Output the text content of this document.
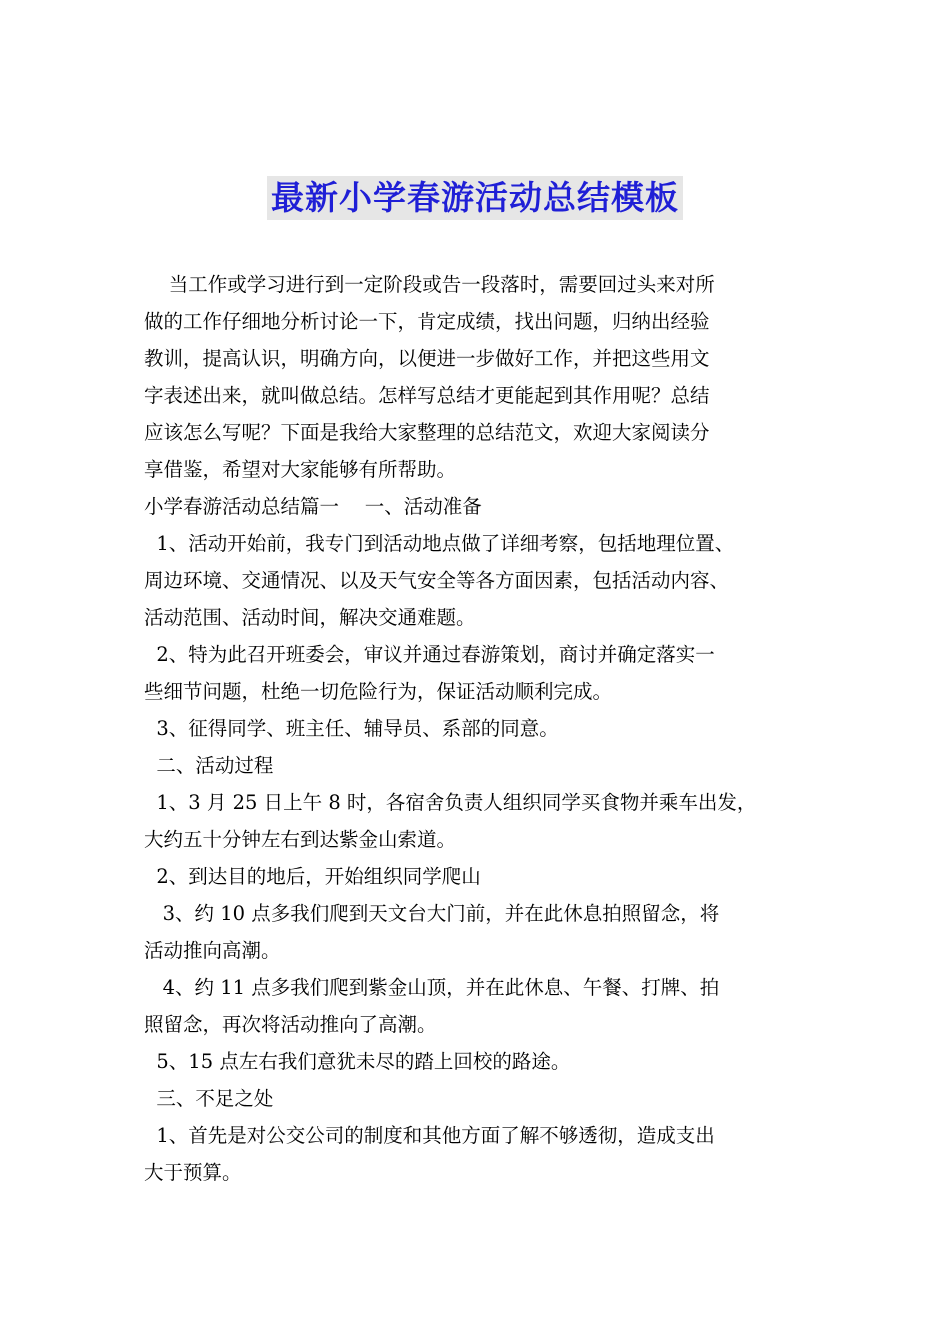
最新小学春游活动总结模板
当工作或学习进行到一定阶段或告一段落时，需要回过头来对所
做的工作仔细地分析讨论一下，肯定成绩，找出问题，归纳出经验
教训，提高认识，明确方向，以便进一步做好工作，并把这些用文
字表述出来，就叫做总结。怎样写总结才更能起到其作用呢？总结
应该怎么写呢？下面是我给大家整理的总结范文，欢迎大家阅读分
享借鉴，希望对大家能够有所帮助。
小学春游活动总结篇一　 一、活动准备
1、活动开始前，我专门到活动地点做了详细考察，包括地理位置、
周边环境、交通情况、以及天气安全等各方面因素，包括活动内容、
活动范围、活动时间，解决交通难题。
2、特为此召开班委会，审议并通过春游策划，商讨并确定落实一
些细节问题，杜绝一切危险行为，保证活动顺利完成。
3、征得同学、班主任、辅导员、系部的同意。
二、活动过程
1、3 月 25 日上午 8 时，各宿舍负责人组织同学买食物并乘车出发，
大约五十分钟左右到达紫金山索道。
2、到达目的地后，开始组织同学爬山
3、约 10 点多我们爬到天文台大门前，并在此休息拍照留念，将
活动推向高潮。
4、约 11 点多我们爬到紫金山顶，并在此休息、午餐、打牌、拍
照留念，再次将活动推向了高潮。
5、15 点左右我们意犹未尽的踏上回校的路途。
三、不足之处
1、首先是对公交公司的制度和其他方面了解不够透彻，造成支出
大于预算。
